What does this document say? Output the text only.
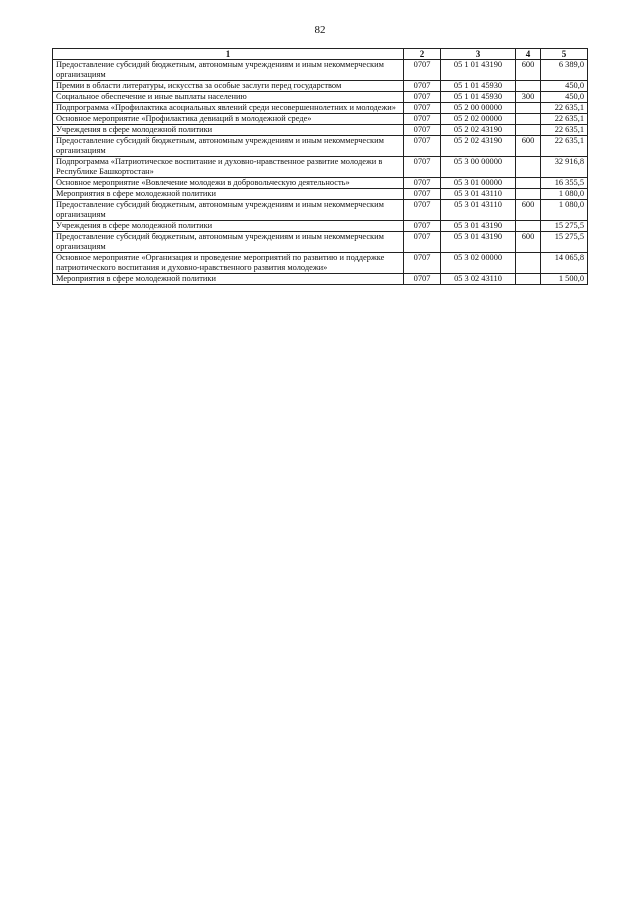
82
1	2	3	4	5
Предоставление субсидий бюджетным, автономным учреждениям и иным некоммерческим организациям	0707	05 1 01 43190	600	6 389,0
Премии в области литературы, искусства за особые заслуги перед государством	0707	05 1 01 45930		450,0
Социальное обеспечение и иные выплаты населению	0707	05 1 01 45930	300	450,0
Подпрограмма «Профилактика асоциальных явлений среди несовершеннолетних и молодежи»	0707	05 2 00 00000		22 635,1
Основное мероприятие «Профилактика девиаций в молодежной среде»	0707	05 2 02 00000		22 635,1
Учреждения в сфере молодежной политики	0707	05 2 02 43190		22 635,1
Предоставление субсидий бюджетным, автономным учреждениям и иным некоммерческим организациям	0707	05 2 02 43190	600	22 635,1
Подпрограмма «Патриотическое воспитание и духовно-нравственное развитие молодежи в Республике Башкортостан»	0707	05 3 00 00000		32 916,8
Основное мероприятие «Вовлечение молодежи в добровольческую деятельность»	0707	05 3 01 00000		16 355,5
Мероприятия в сфере молодежной политики	0707	05 3 01 43110		1 080,0
Предоставление субсидий бюджетным, автономным учреждениям и иным некоммерческим организациям	0707	05 3 01 43110	600	1 080,0
Учреждения в сфере молодежной политики	0707	05 3 01 43190		15 275,5
Предоставление субсидий бюджетным, автономным учреждениям и иным некоммерческим организациям	0707	05 3 01 43190	600	15 275,5
Основное мероприятие «Организация и проведение мероприятий по развитию и поддержке патриотического воспитания и духовно-нравственного развития молодежи»	0707	05 3 02 00000		14 065,8
Мероприятия в сфере молодежной политики	0707	05 3 02 43110		1 500,0
